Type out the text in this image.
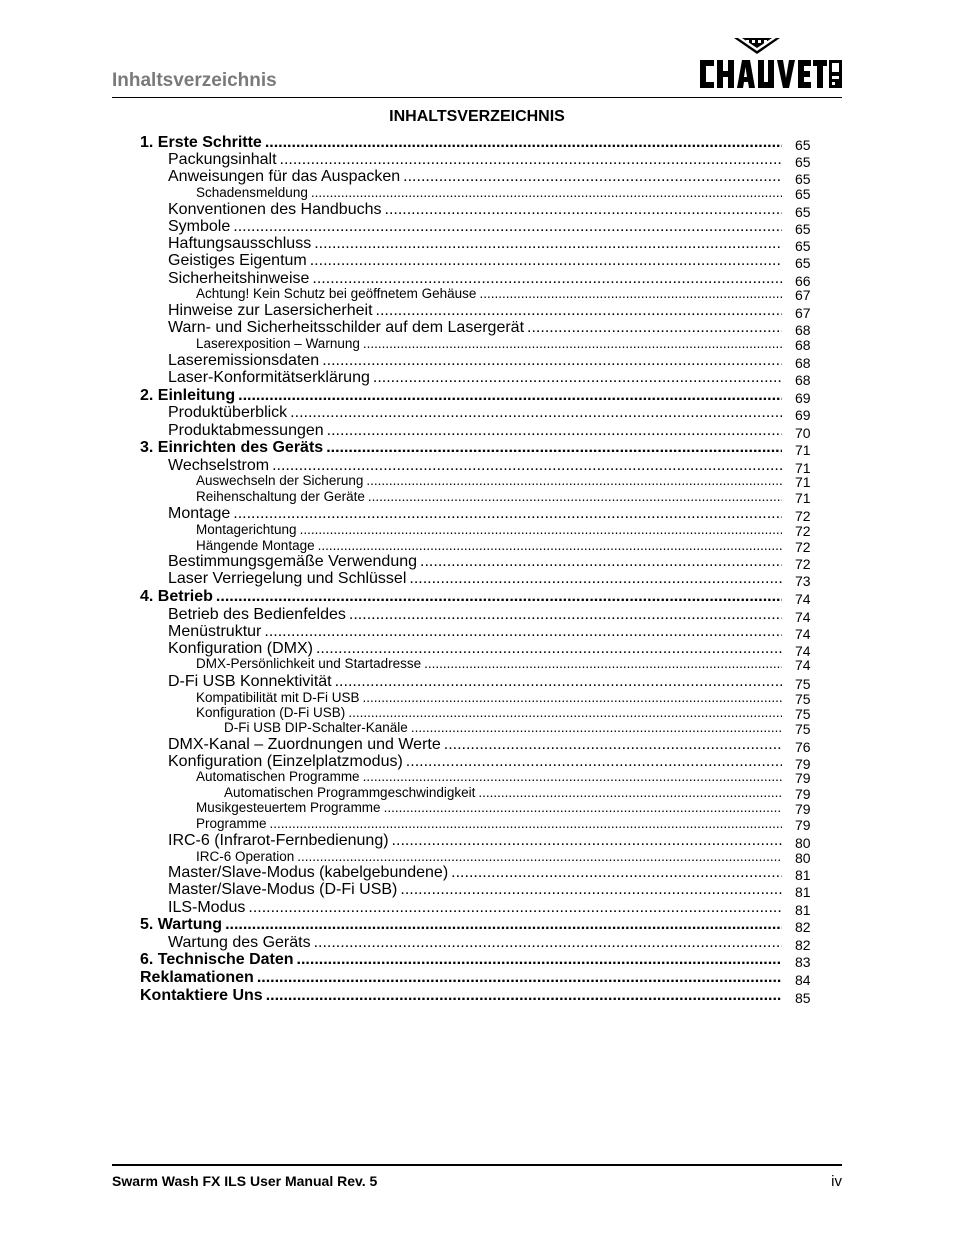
Inhaltsverzeichnis
INHALTSVERZEICHNIS
1. Erste Schritte .....	65
Packungsinhalt .....	65
Anweisungen für das Auspacken .....	65
Schadensmeldung .....	65
Konventionen des Handbuchs .....	65
Symbole .....	65
Haftungsausschluss .....	65
Geistiges Eigentum .....	65
Sicherheitshinweise .....	66
Achtung! Kein Schutz bei geöffnetem Gehäuse .....	67
Hinweise zur Lasersicherheit .....	67
Warn- und Sicherheitsschilder auf dem Lasergerät .....	68
Laserexposition – Warnung .....	68
Laseremissionsdaten .....	68
Laser-Konformitätserklärung .....	68
2. Einleitung .....	69
Produktüberblick .....	69
Produktabmessungen .....	70
3. Einrichten des Geräts .....	71
Wechselstrom .....	71
Auswechseln der Sicherung .....	71
Reihenschaltung der Geräte .....	71
Montage .....	72
Montagerichtung .....	72
Hängende Montage .....	72
Bestimmungsgemäße Verwendung .....	72
Laser Verriegelung und Schlüssel .....	73
4. Betrieb .....	74
Betrieb des Bedienfeldes .....	74
Menüstruktur .....	74
Konfiguration (DMX) .....	74
DMX-Persönlichkeit und Startadresse .....	74
D-Fi USB Konnektivität .....	75
Kompatibilität mit D-Fi USB .....	75
Konfiguration (D-Fi USB) .....	75
D-Fi USB DIP-Schalter-Kanäle .....	75
DMX-Kanal – Zuordnungen und Werte .....	76
Konfiguration (Einzelplatzmodus) .....	79
Automatischen Programme .....	79
Automatischen Programmgeschwindigkeit .....	79
Musikgesteuertem Programme .....	79
Programme .....	79
IRC-6 (Infrarot-Fernbedienung) .....	80
IRC-6 Operation .....	80
Master/Slave-Modus (kabelgebundene) .....	81
Master/Slave-Modus (D-Fi USB) .....	81
ILS-Modus .....	81
5. Wartung .....	82
Wartung des Geräts .....	82
6. Technische Daten .....	83
Reklamationen .....	84
Kontaktiere Uns .....	85
Swarm Wash FX ILS User Manual Rev. 5	iv
